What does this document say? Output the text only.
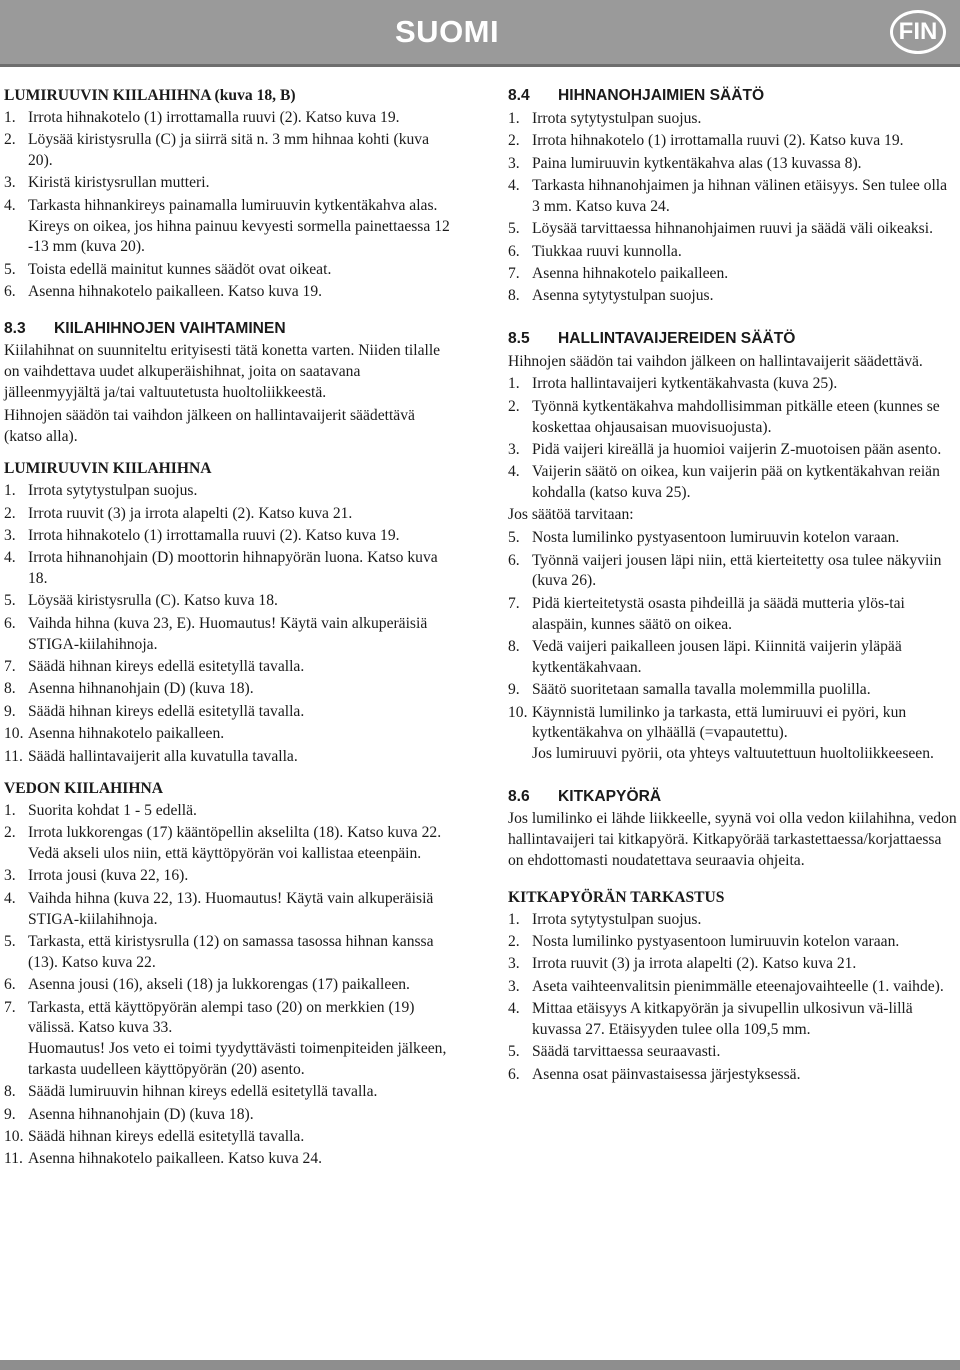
SUOMI	FIN
LUMIRUUVIN KIILAHIHNA (kuva 18, B)
1. Irrota hihnakotelo (1) irrottamalla ruuvi (2). Katso kuva 19.
2. Löysää kiristysrulla (C) ja siirrä sitä n. 3 mm hihnaa kohti (kuva 20).
3. Kiristä kiristysrullan mutteri.
4. Tarkasta hihnankireys painamalla lumiruuvin kytkentäkahva alas. Kireys on oikea, jos hihna painuu kevyesti sormella painettaessa 12 -13 mm (kuva 20).
5. Toista edellä mainitut kunnes säädöt ovat oikeat.
6. Asenna hihnakotelo paikalleen. Katso kuva 19.
8.3 KIILAHIHNOJEN VAIHTAMINEN

Kiilahihnat on suunniteltu erityisesti tätä konetta varten. Niiden tilalle on vaihdettava uudet alkuperäishihnat, joita on saatavana jälleenmyyjältä ja/tai valtuutetusta huoltoliikkeestä.

Hihnojen säädön tai vaihdon jälkeen on hallintavaijerit säädettävä (katso alla).

LUMIRUUVIN KIILAHIHNA
1. Irrota sytytystulpan suojus.
2. Irrota ruuvit (3) ja irrota alapelti (2). Katso kuva 21.
3. Irrota hihnakotelo (1) irrottamalla ruuvi (2). Katso kuva 19.
4. Irrota hihnanohjain (D) moottorin hihnapyörän luona. Katso kuva 18.
5. Löysää kiristysrulla (C). Katso kuva 18.
6. Vaihda hihna (kuva 23, E). Huomautus! Käytä vain alkuperäisiä STIGA-kiilahihnoja.
7. Säädä hihnan kireys edellä esitetyllä tavalla.
8. Asenna hihnanohjain (D) (kuva 18).
9. Säädä hihnan kireys edellä esitetyllä tavalla.
10. Asenna hihnakotelo paikalleen.
11. Säädä hallintavaijerit alla kuvatulla tavalla.
VEDON KIILAHIHNA
1. Suorita kohdat 1 - 5 edellä.
2. Irrota lukkorengas (17) kääntöpellin akselilta (18). Katso kuva 22. Vedä akseli ulos niin, että käyttöpyörän voi kallistaa eteenpäin.
3. Irrota jousi (kuva 22, 16).
4. Vaihda hihna (kuva 22, 13). Huomautus! Käytä vain alkuperäisiä STIGA-kiilahihnoja.
5. Tarkasta, että kiristysrulla (12) on samassa tasossa hihnan kanssa (13). Katso kuva 22.
6. Asenna jousi (16), akseli (18) ja lukkorengas (17) paikalleen.
7. Tarkasta, että käyttöpyörän alempi taso (20) on merkkien (19) välissä. Katso kuva 33.
Huomautus! Jos veto ei toimi tyydyttävästi toimenpiteiden jälkeen, tarkasta uudelleen käyttöpyörän (20) asento.
8. Säädä lumiruuvin hihnan kireys edellä esitetyllä tavalla.
9. Asenna hihnanohjain (D) (kuva 18).
10. Säädä hihnan kireys edellä esitetyllä tavalla.
11. Asenna hihnakotelo paikalleen. Katso kuva 24.
8.4 HIHNANOHJAIMIEN SÄÄTÖ
1. Irrota sytytystulpan suojus.
2. Irrota hihnakotelo (1) irrottamalla ruuvi (2). Katso kuva 19.
3. Paina lumiruuvin kytkentäkahva alas (13 kuvassa 8).
4. Tarkasta hihnanohjaimen ja hihnan välinen etäisyys. Sen tulee olla 3 mm. Katso kuva 24.
5. Löysää tarvittaessa hihnanohjaimen ruuvi ja säädä väli oikeaksi.
6. Tiukkaa ruuvi kunnolla.
7. Asenna hihnakotelo paikalleen.
8. Asenna sytytystulpan suojus.
8.5 HALLINTAVAIJEREIDEN SÄÄTÖ

Hihnojen säädön tai vaihdon jälkeen on hallintavaijerit säädettävä.

1. Irrota hallintavaijeri kytkentäkahvasta (kuva 25).
2. Työnnä kytkentäkahva mahdollisimman pitkälle eteen (kunnes se koskettaa ohjausaisan muovisuojusta).
3. Pidä vaijeri kireällä ja huomioi vaijerin Z-muotoisen pään asento.
4. Vaijerin säätö on oikea, kun vaijerin pää on kytkentäkahvan reiän kohdalla (katso kuva 25).

Jos säätöä tarvitaan:

5. Nosta lumilinko pystyasentoon lumiruuvin kotelon varaan.
6. Työnnä vaijeri jousen läpi niin, että kierteitetty osa tulee näkyviin (kuva 26).
7. Pidä kierteitetystä osasta pihdeillä ja säädä mutteria ylös-tai alaspäin, kunnes säätö on oikea.
8. Vedä vaijeri paikalleen jousen läpi. Kiinnitä vaijerin yläpää kytkentäkahvaan.
9. Säätö suoritetaan samalla tavalla molemmilla puolilla.
10. Käynnistä lumilinko ja tarkasta, että lumiruuvi ei pyöri, kun kytkentäkahva on ylhäällä (=vapautettu).
Jos lumiruuvi pyörii, ota yhteys valtuutettuun huoltoliikkeeseen.
8.6 KITKAPYÖRÄ

Jos lumilinko ei lähde liikkeelle, syynä voi olla vedon kiilahihna, vedon hallintavaijeri tai kitkapyörä. Kitkapyörää tarkastettaessa/korjattaessa on ehdottomasti noudatettava seuraavia ohjeita.

KITKAPYÖRÄN TARKASTUS
1. Irrota sytytystulpan suojus.
2. Nosta lumilinko pystyasentoon lumiruuvin kotelon varaan.
3. Irrota ruuvit (3) ja irrota alapelti (2). Katso kuva 21.
3. Aseta vaihteenvalitsin pienimmälle eteenajovaihteelle (1. vaihde).
4. Mittaa etäisyys A kitkapyörän ja sivupellin ulkosivun vä-lillä kuvassa 27. Etäisyyden tulee olla 109,5 mm.
5. Säädä tarvittaessa seuraavasti.
6. Asenna osat päinvastaisessa järjestyksessä.
